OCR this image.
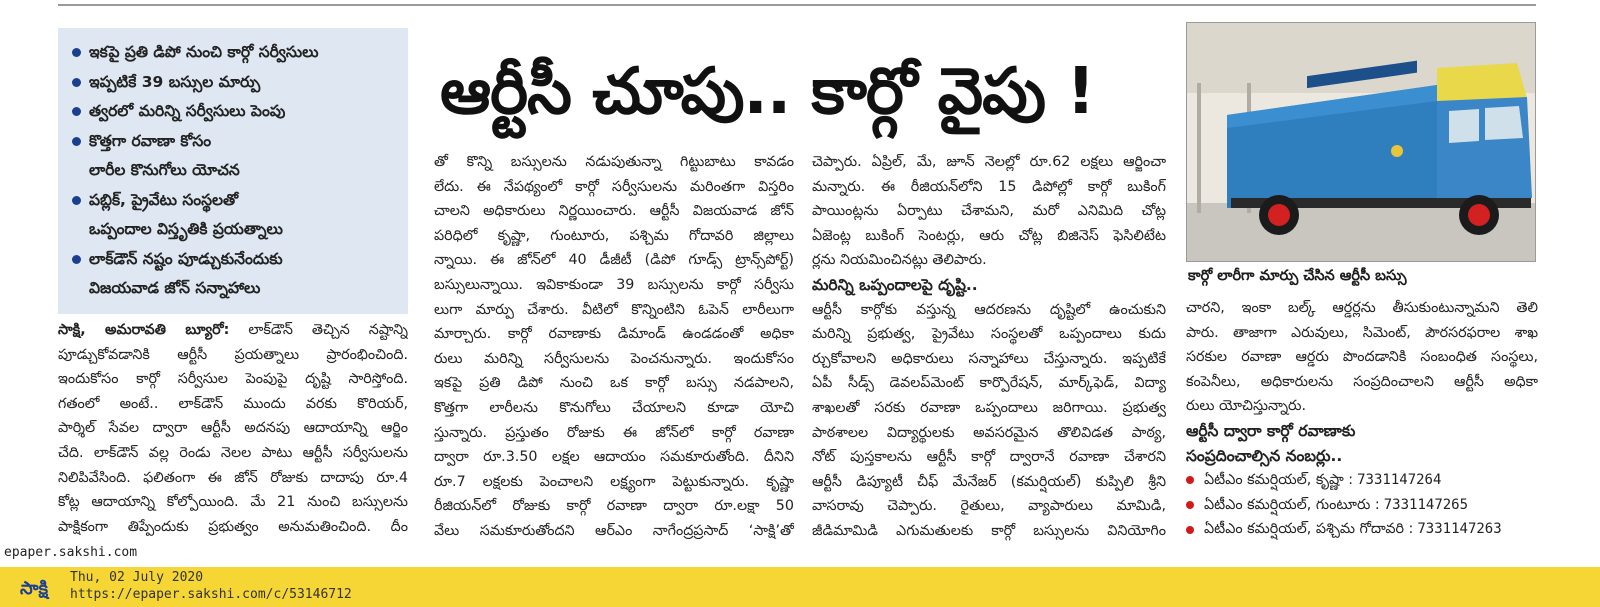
ఇకపై ప్రతి డిపో నుంచి కార్గో సర్వీసులు
ఇప్పటికే 39 బస్సుల మార్పు
త్వరలో మరిన్ని సర్వీసులు పెంపు
కొత్తగా రవాణా కోసం
లారీల కొనుగోలు యోచన
పబ్లిక్, ప్రైవేటు సంస్థలతో
ఒప్పందాల విస్తృతికి ప్రయత్నాలు
లాక్‌డౌన్ నష్టం పూడ్చుకునేందుకు
విజయవాడ జోన్ సన్నాహాలు
ఆర్టీసీ చూపు.. కార్గో వైపు !
సాక్షి, అమరావతి బ్యూరో: లాక్‌డౌన్ తెచ్చిన నష్టాన్ని
పూడ్చుకోవడానికి ఆర్టీసీ ప్రయత్నాలు ప్రారంభించింది.
ఇందుకోసం కార్గో సర్వీసుల పెంపుపై దృష్టి సారిస్తోంది.
గతంలో అంటే.. లాక్‌డౌన్ ముందు వరకు కొరియర్,
పార్శిల్ సేవల ద్వారా ఆర్టీసీ అదనపు ఆదాయాన్ని ఆర్జిం
చేది. లాక్‌డౌన్ వల్ల రెండు నెలల పాటు ఆర్టీసీ సర్వీసులను
నిలిపివేసింది. ఫలితంగా ఈ జోన్ రోజుకు దాదాపు రూ.4
కోట్ల ఆదాయాన్ని కోల్పోయింది. మే 21 నుంచి బస్సులను
పాక్షికంగా తిప్పేందుకు ప్రభుత్వం అనుమతించింది. దీం
తో కొన్ని బస్సులను నడుపుతున్నా గిట్టుబాటు కావడం
లేదు. ఈ నేపథ్యంలో కార్గో సర్వీసులను మరింతగా విస్తరిం
చాలని అధికారులు నిర్ణయించారు. ఆర్టీసీ విజయవాడ జోన్
పరిధిలో కృష్ణా, గుంటూరు, పశ్చిమ గోదావరి జిల్లాలు
న్నాయి. ఈ జోన్‌లో 40 డీజీటీ (డిపో గూడ్స్ ట్రాన్స్‌పోర్ట్)
బస్సులున్నాయి. ఇవికాకుండా 39 బస్సులను కార్గో సర్వీసు
లుగా మార్పు చేశారు. వీటిలో కొన్నింటిని ఓపెన్ లారీలుగా
మార్చారు. కార్గో రవాణాకు డిమాండ్ ఉండడంతో అధికా
రులు మరిన్ని సర్వీసులను పెంచనున్నారు. ఇందుకోసం
ఇకపై ప్రతి డిపో నుంచి ఒక కార్గో బస్సు నడపాలని,
కొత్తగా లారీలను కొనుగోలు చేయాలని కూడా యోచి
స్తున్నారు. ప్రస్తుతం రోజుకు ఈ జోన్‌లో కార్గో రవాణా
ద్వారా రూ.3.50 లక్షల ఆదాయం సమకూరుతోంది. దీనిని
రూ.7 లక్షలకు పెంచాలని లక్ష్యంగా పెట్టుకున్నారు. కృష్ణా
రీజియన్‌లో రోజుకు కార్గో రవాణా ద్వారా రూ.లక్షా 50
వేలు సమకూరుతోందని ఆర్‌ఎం నాగేంద్రప్రసాద్ ‘సాక్షి’తో
చెప్పారు. ఏప్రిల్, మే, జూన్ నెలల్లో రూ.62 లక్షలు ఆర్జించా
మన్నారు. ఈ రీజియన్‌లోని 15 డిపోల్లో కార్గో బుకింగ్
పాయింట్లను ఏర్పాటు చేశామని, మరో ఎనిమిది చోట్ల
ఏజెంట్ల బుకింగ్ సెంటర్లు, ఆరు చోట్ల బిజినెస్ ఫెసిలిటేట
ర్లను నియమించినట్లు తెలిపారు.
మరిన్ని ఒప్పందాలపై దృష్టి..
ఆర్టీసీ కార్గోకు వస్తున్న ఆదరణను దృష్టిలో ఉంచుకుని
మరిన్ని ప్రభుత్వ, ప్రైవేటు సంస్థలతో ఒప్పందాలు కుదు
ర్చుకోవాలని అధికారులు సన్నాహాలు చేస్తున్నారు. ఇప్పటికే
ఏపీ సీడ్స్ డెవలప్‌మెంట్ కార్పొరేషన్, మార్క్‌ఫెడ్, విద్యా
శాఖలతో సరకు రవాణా ఒప్పందాలు జరిగాయి. ప్రభుత్వ
పాఠశాలల విద్యార్థులకు అవసరమైన తొలివిడత పాఠ్య,
నోట్ పుస్తకాలను ఆర్టీసీ కార్గో ద్వారానే రవాణా చేశారని
ఆర్టీసీ డిప్యూటీ చీఫ్ మేనేజర్ (కమర్షియల్) కుప్పిలి శ్రీని
వాసరావు చెప్పారు. రైతులు, వ్యాపారులు మామిడి,
జీడిమామిడి ఎగుమతులకు కార్గో బస్సులను వినియోగిం
కార్గో లారీగా మార్పు చేసిన ఆర్టీసీ బస్సు
చారని, ఇంకా బల్క్ ఆర్డర్లను తీసుకుంటున్నామని తెలి
పారు. తాజాగా ఎరువులు, సిమెంట్, పౌరసరఫరాల శాఖ
సరకుల రవాణా ఆర్డరు పొందడానికి సంబంధిత సంస్థలు,
కంపెనీలు, అధికారులను సంప్రదించాలని ఆర్టీసీ అధికా
రులు యోచిస్తున్నారు.
ఆర్టీసీ ద్వారా కార్గో రవాణాకు
సంప్రదించాల్సిన నంబర్లు..
ఏటీఎం కమర్షియల్, కృష్ణా : 7331147264
ఏటీఎం కమర్షియల్, గుంటూరు : 7331147265
ఏటీఎం కమర్షియల్, పశ్చిమ గోదావరి : 7331147263
epaper.sakshi.com
సాక్షి
Thu, 02 July 2020
https://epaper.sakshi.com/c/53146712
